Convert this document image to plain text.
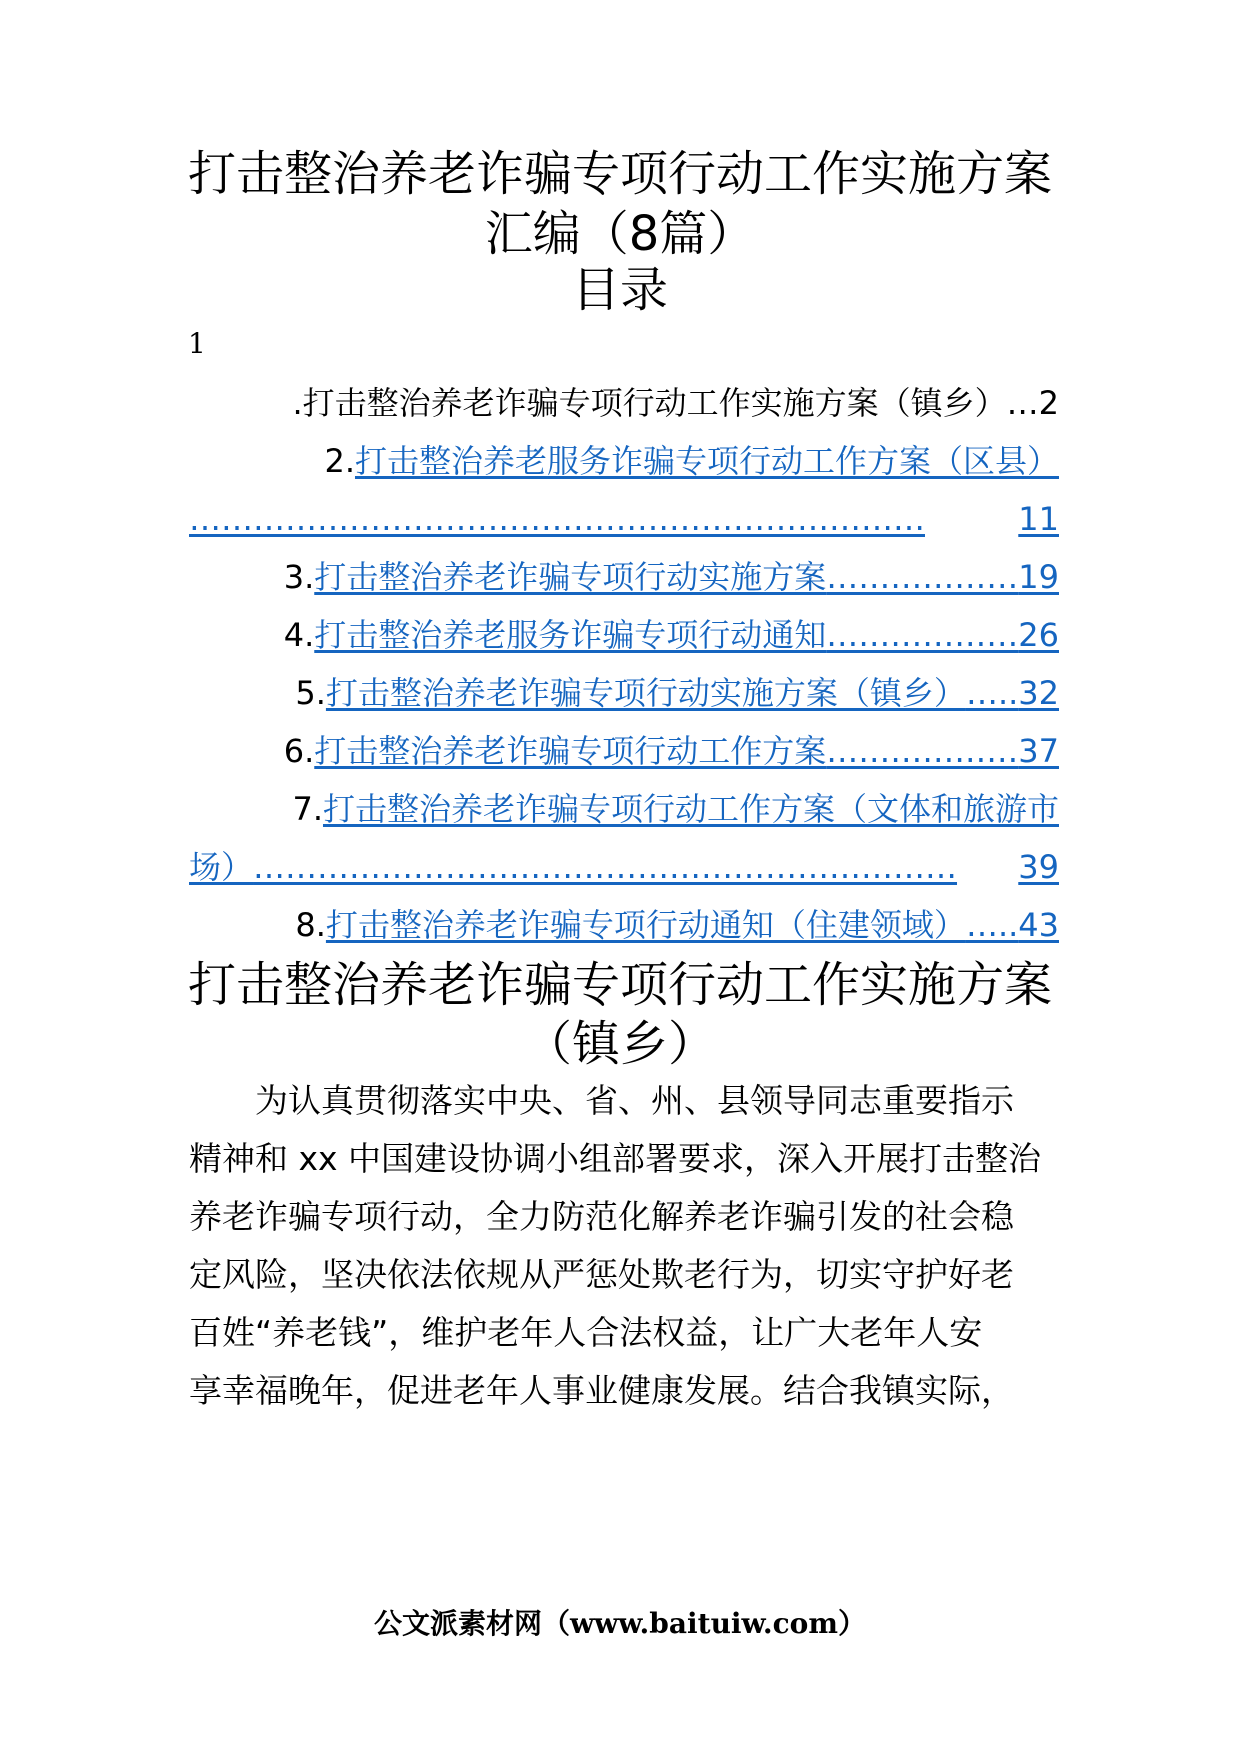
打击整治养老诈骗专项行动工作实施方案
汇编（8篇）
目录
1
.打击整治养老诈骗专项行动工作实施方案（镇乡）…2
2.打击整治养老服务诈骗专项行动工作方案（区县）
……………………………………………………………	11
3.打击整治养老诈骗专项行动实施方案………………19
4.打击整治养老服务诈骗专项行动通知………………26
5.打击整治养老诈骗专项行动实施方案（镇乡）…..32
6.打击整治养老诈骗专项行动工作方案………………37
7.打击整治养老诈骗专项行动工作方案（文体和旅游市
场）………………………………………………………… 39
8.打击整治养老诈骗专项行动通知（住建领域）…..43
打击整治养老诈骗专项行动工作实施方案
（镇乡）
为认真贯彻落实中央、省、州、县领导同志重要指示
精神和 xx 中国建设协调小组部署要求，深入开展打击整治
养老诈骗专项行动，全力防范化解养老诈骗引发的社会稳
定风险，坚决依法依规从严惩处欺老行为，切实守护好老
百姓“养老钱”，维护老年人合法权益，让广大老年人安
享幸福晚年，促进老年人事业健康发展。结合我镇实际，
公文派素材网（www.baituiw.com）
